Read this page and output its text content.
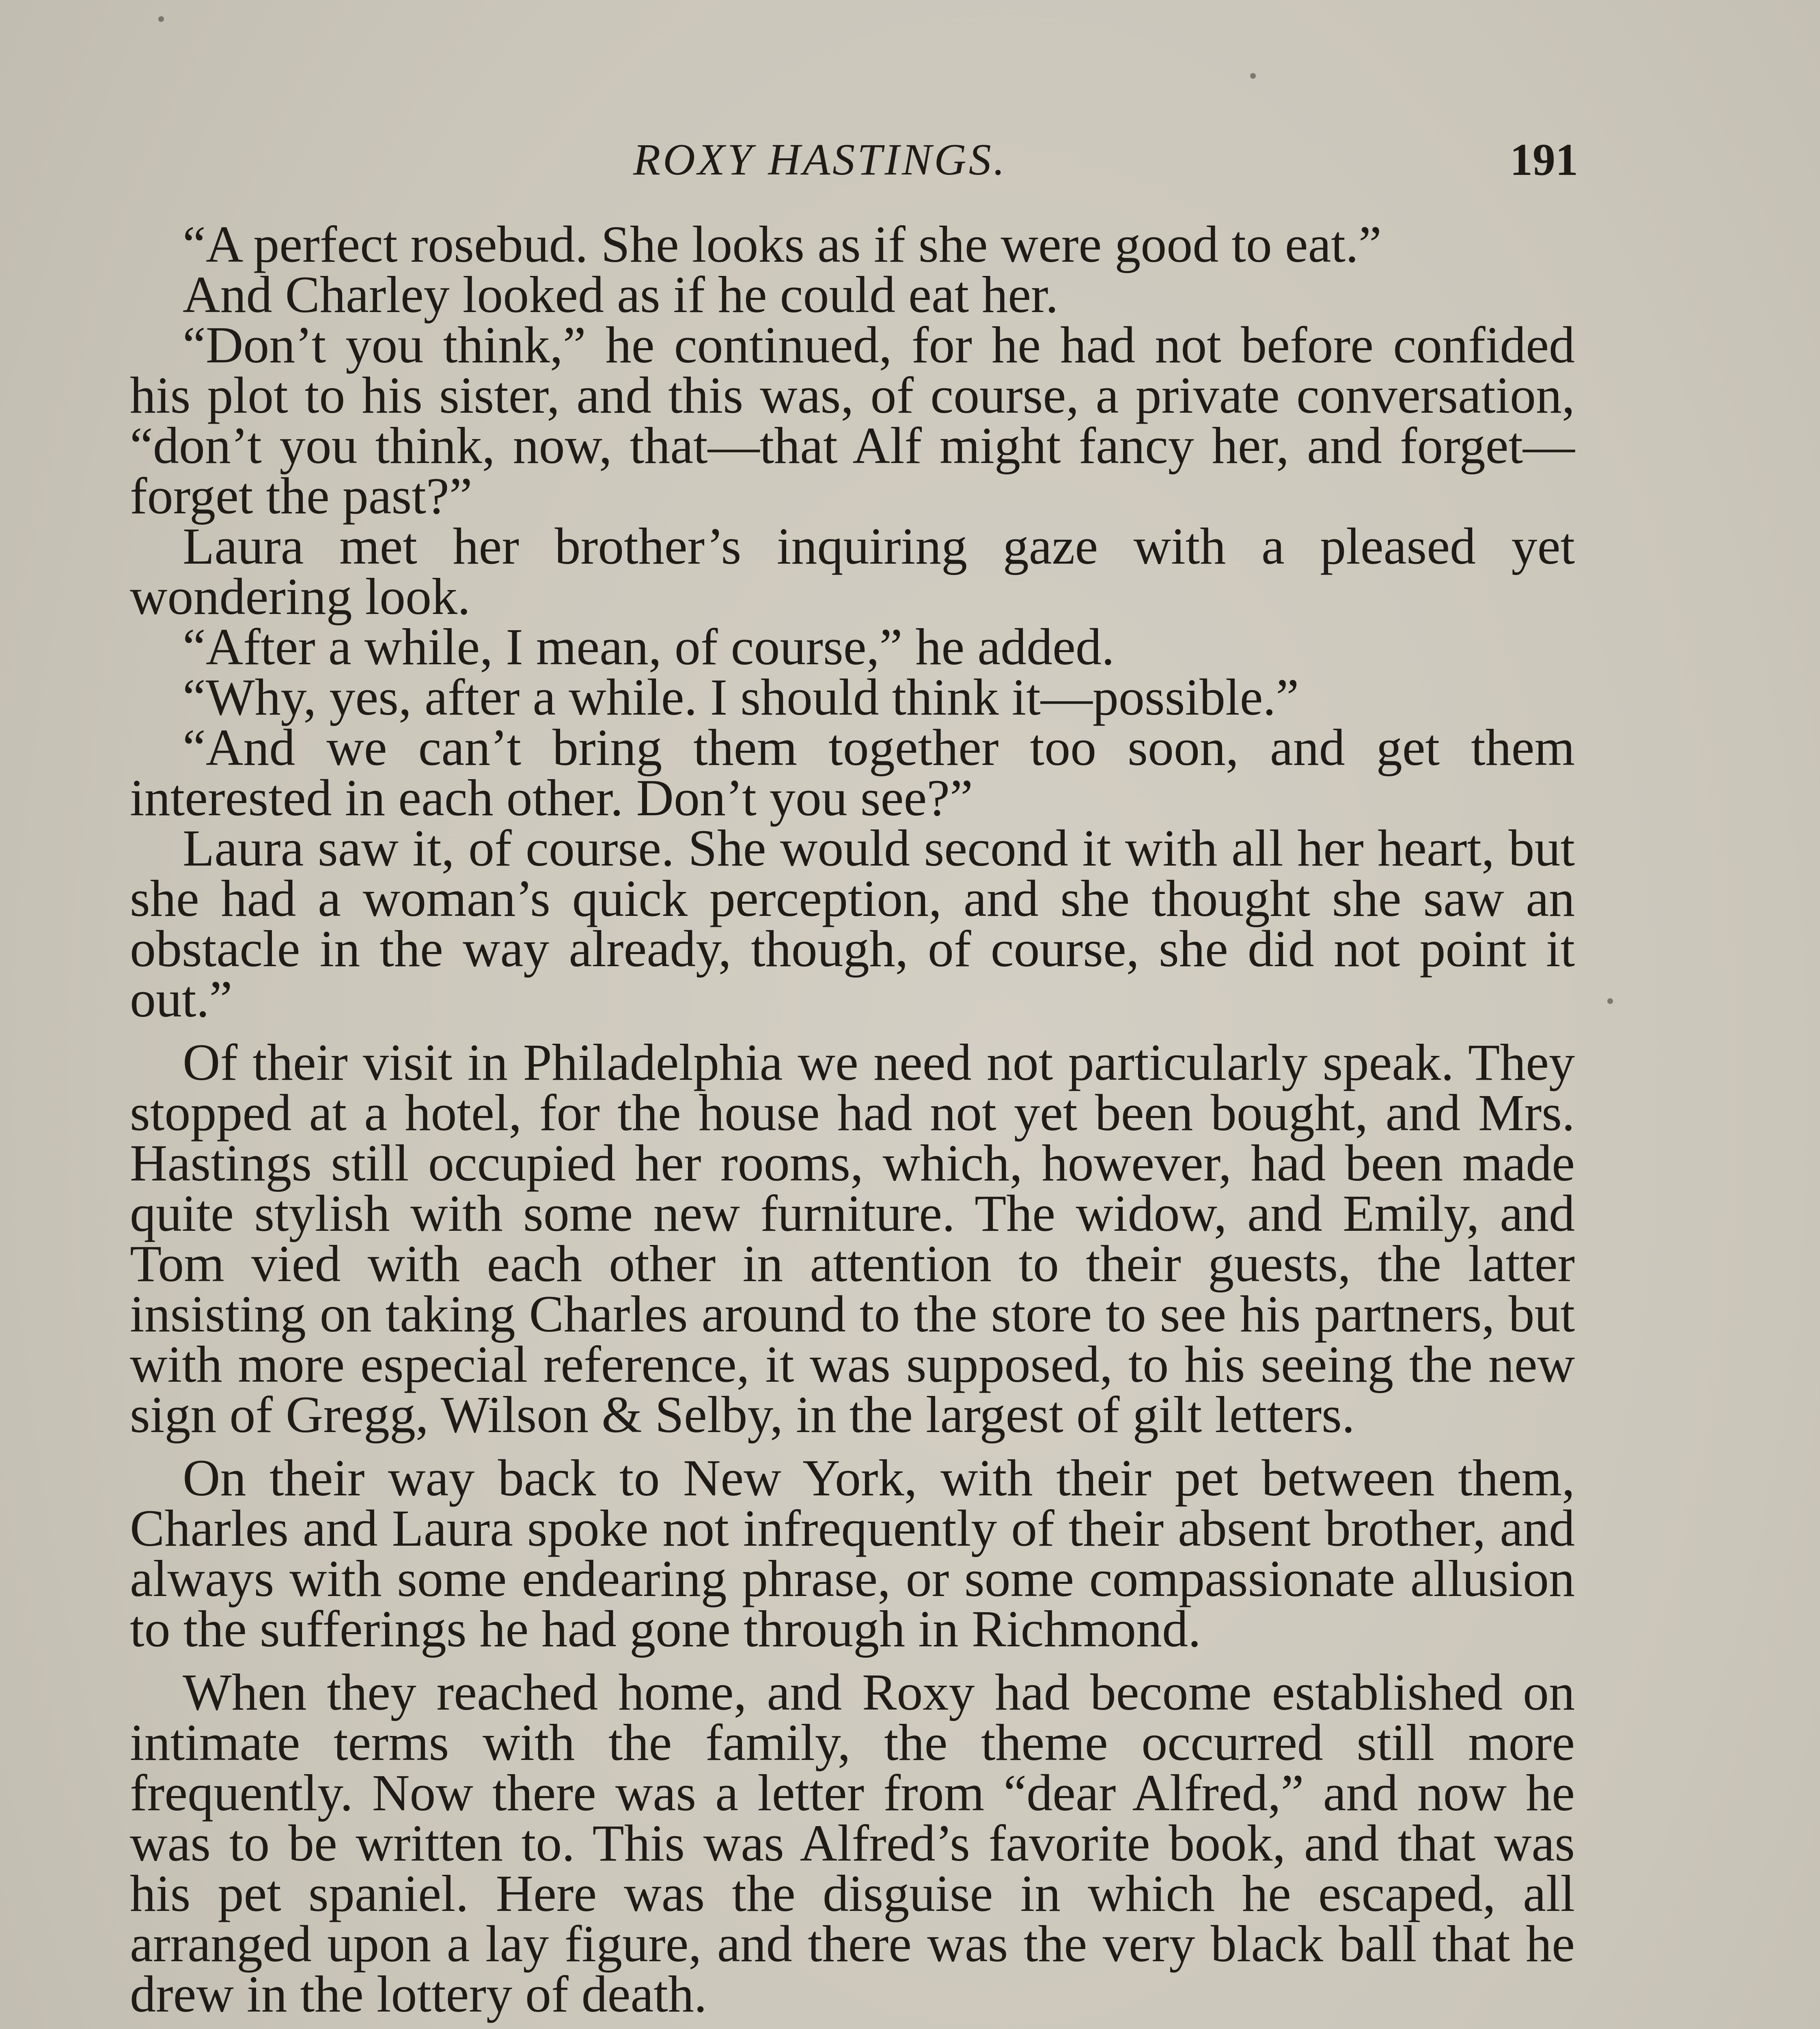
ROXY HASTINGS.	191

“A perfect rosebud. She looks as if she were good to eat.”

And Charley looked as if he could eat her.

“Don’t you think,” he continued, for he had not before confided his plot to his sister, and this was, of course, a private conversation, “don’t you think, now, that—that Alf might fancy her, and forget—forget the past?”

Laura met her brother’s inquiring gaze with a pleased yet wondering look.

“After a while, I mean, of course,” he added.

“Why, yes, after a while. I should think it—possible.”

“And we can’t bring them together too soon, and get them interested in each other. Don’t you see?”

Laura saw it, of course. She would second it with all her heart, but she had a woman’s quick perception, and she thought she saw an obstacle in the way already, though, of course, she did not point it out.”

Of their visit in Philadelphia we need not particularly speak. They stopped at a hotel, for the house had not yet been bought, and Mrs. Hastings still occupied her rooms, which, however, had been made quite stylish with some new furniture. The widow, and Emily, and Tom vied with each other in attention to their guests, the latter insisting on taking Charles around to the store to see his partners, but with more especial reference, it was supposed, to his seeing the new sign of Gregg, Wilson & Selby, in the largest of gilt letters.

On their way back to New York, with their pet between them, Charles and Laura spoke not infrequently of their absent brother, and always with some endearing phrase, or some compassionate allusion to the sufferings he had gone through in Richmond.

When they reached home, and Roxy had become established on intimate terms with the family, the theme occurred still more frequently. Now there was a letter from “dear Alfred,” and now he was to be written to. This was Alfred’s favorite book, and that was his pet spaniel. Here was the disguise in which he escaped, all arranged upon a lay figure, and there was the very black ball that he drew in the lottery of death.
